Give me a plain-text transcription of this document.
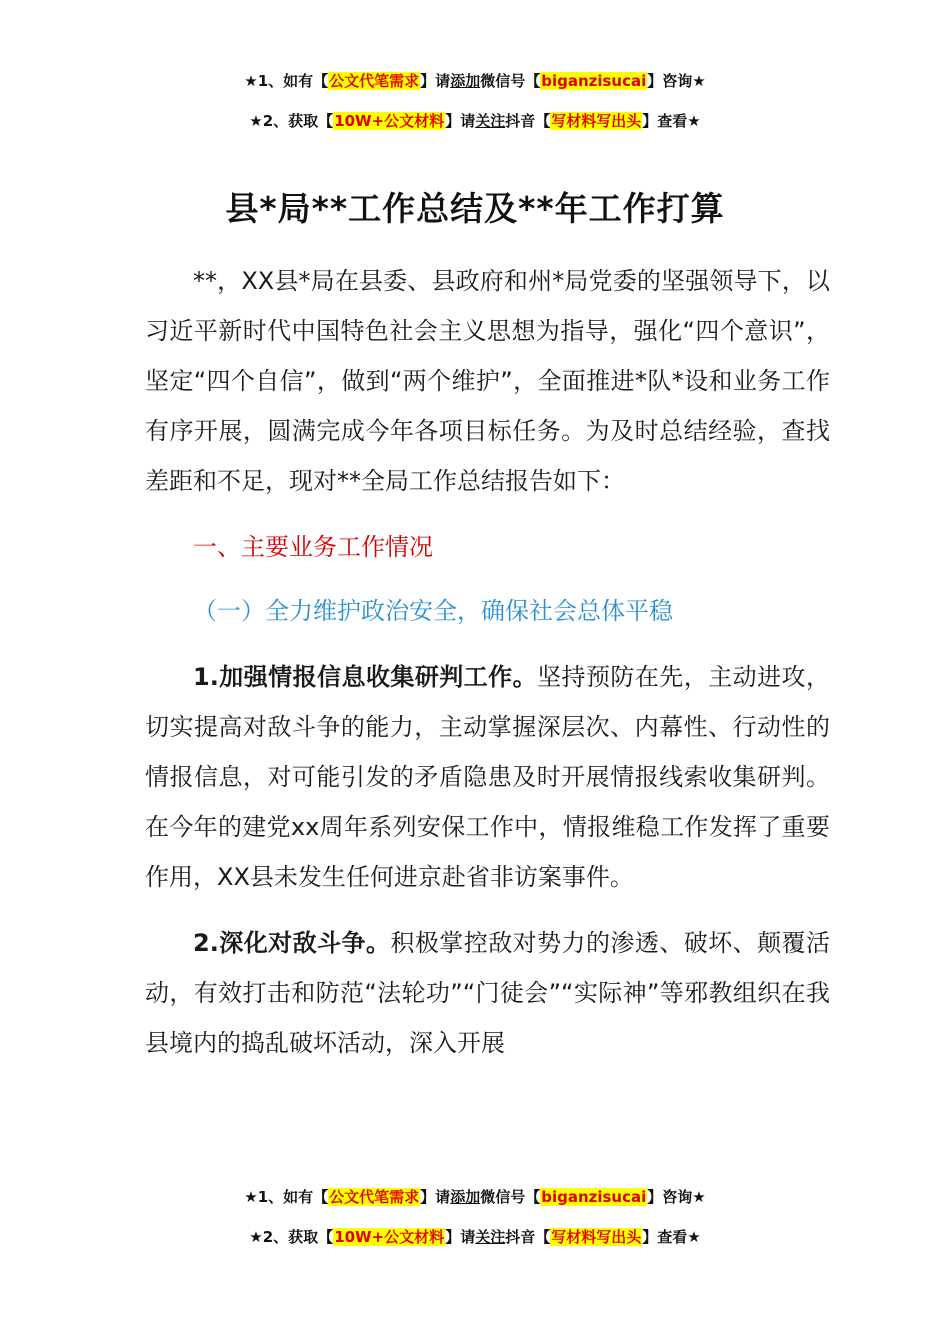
★1、如有【公文代笔需求】请添加微信号【biganzisucai】咨询★
★2、获取【10W+公文材料】请关注抖音【写材料写出头】查看★
县*局**工作总结及**年工作打算

**，XX县*局在县委、县政府和州*局党委的坚强领导下，以习近平新时代中国特色社会主义思想为指导，强化“四个意识”，坚定“四个自信”，做到“两个维护”，全面推进*队*设和业务工作有序开展，圆满完成今年各项目标任务。为及时总结经验，查找差距和不足，现对**全局工作总结报告如下：

一、主要业务工作情况

（一）全力维护政治安全，确保社会总体平稳

1.加强情报信息收集研判工作。坚持预防在先，主动进攻，切实提高对敌斗争的能力，主动掌握深层次、内幕性、行动性的情报信息，对可能引发的矛盾隐患及时开展情报线索收集研判。在今年的建党xx周年系列安保工作中，情报维稳工作发挥了重要作用，XX县未发生任何进京赴省非访案事件。

2.深化对敌斗争。积极掌控敌对势力的渗透、破坏、颠覆活动，有效打击和防范“法轮功”“门徒会”“实际神”等邪教组织在我县境内的捣乱破坏活动，深入开展

★1、如有【公文代笔需求】请添加微信号【biganzisucai】咨询★
★2、获取【10W+公文材料】请关注抖音【写材料写出头】查看★
